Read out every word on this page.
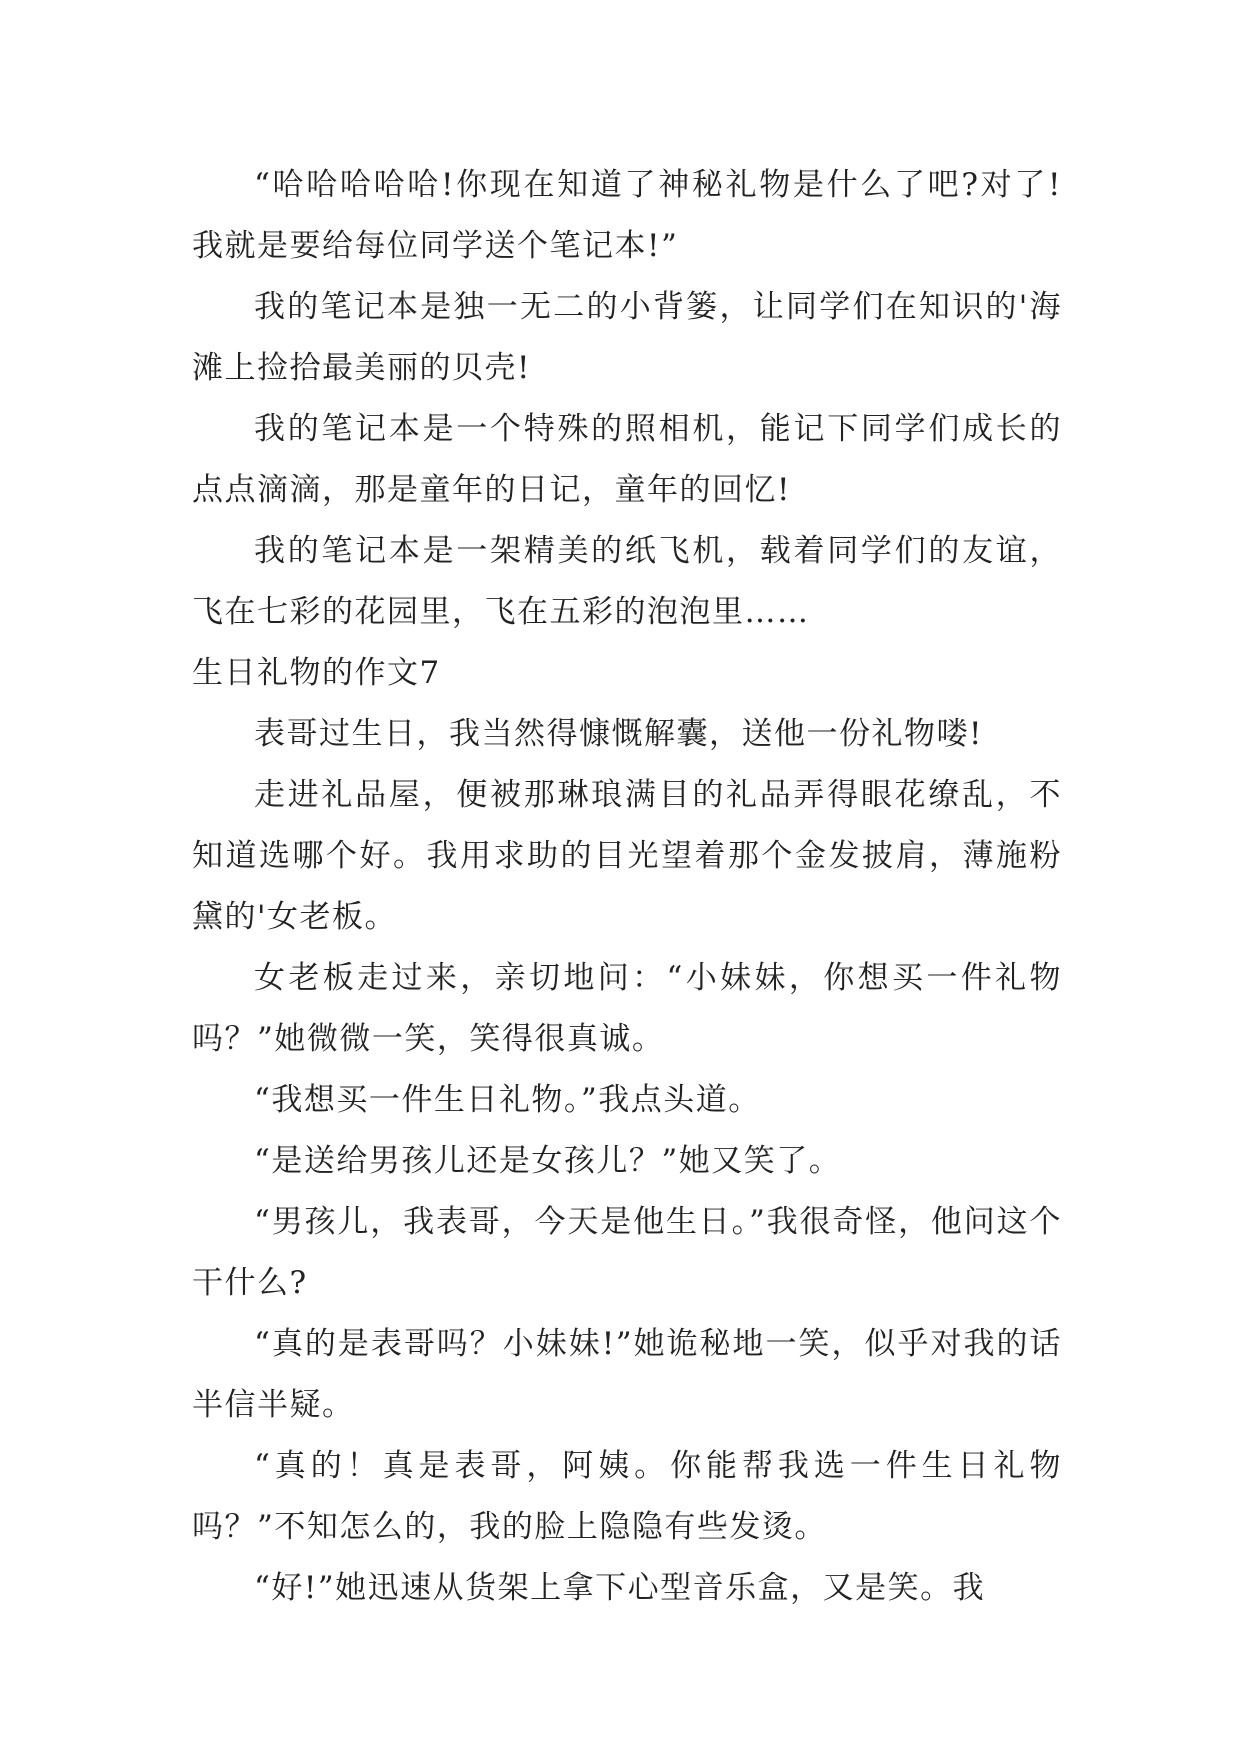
“哈哈哈哈哈!你现在知道了神秘礼物是什么了吧?对了!我就是要给每位同学送个笔记本!”

我的笔记本是独一无二的小背篓，让同学们在知识的'海滩上捡拾最美丽的贝壳!

我的笔记本是一个特殊的照相机，能记下同学们成长的点点滴滴，那是童年的日记，童年的回忆!

我的笔记本是一架精美的纸飞机，载着同学们的友谊，飞在七彩的花园里，飞在五彩的泡泡里……

生日礼物的作文7

表哥过生日，我当然得慷慨解囊，送他一份礼物喽!

走进礼品屋，便被那琳琅满目的礼品弄得眼花缭乱，不知道选哪个好。我用求助的目光望着那个金发披肩，薄施粉黛的'女老板。

女老板走过来，亲切地问：“小妹妹，你想买一件礼物吗？”她微微一笑，笑得很真诚。

“我想买一件生日礼物。”我点头道。

“是送给男孩儿还是女孩儿？”她又笑了。

“男孩儿，我表哥，今天是他生日。”我很奇怪，他问这个干什么?

“真的是表哥吗？小妹妹!”她诡秘地一笑，似乎对我的话半信半疑。

“真的！真是表哥，阿姨。你能帮我选一件生日礼物吗？”不知怎么的，我的脸上隐隐有些发烫。

“好!”她迅速从货架上拿下心型音乐盒，又是笑。我
